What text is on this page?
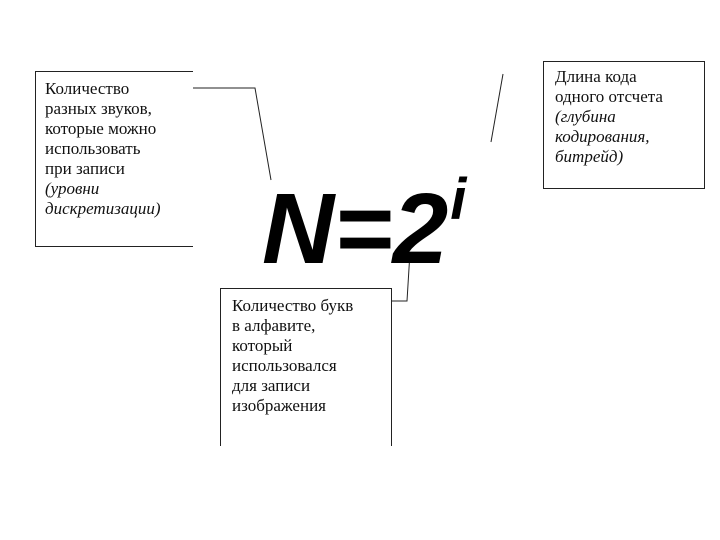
Количество
разных звуков,
которые можно
использовать
при записи
(уровни
дискретизации)
Длина кода
одного отсчета
(глубина
кодирования,
битрейд)
$N=2^i$
Количество букв
в алфавите,
который
использовался
для записи
изображения
